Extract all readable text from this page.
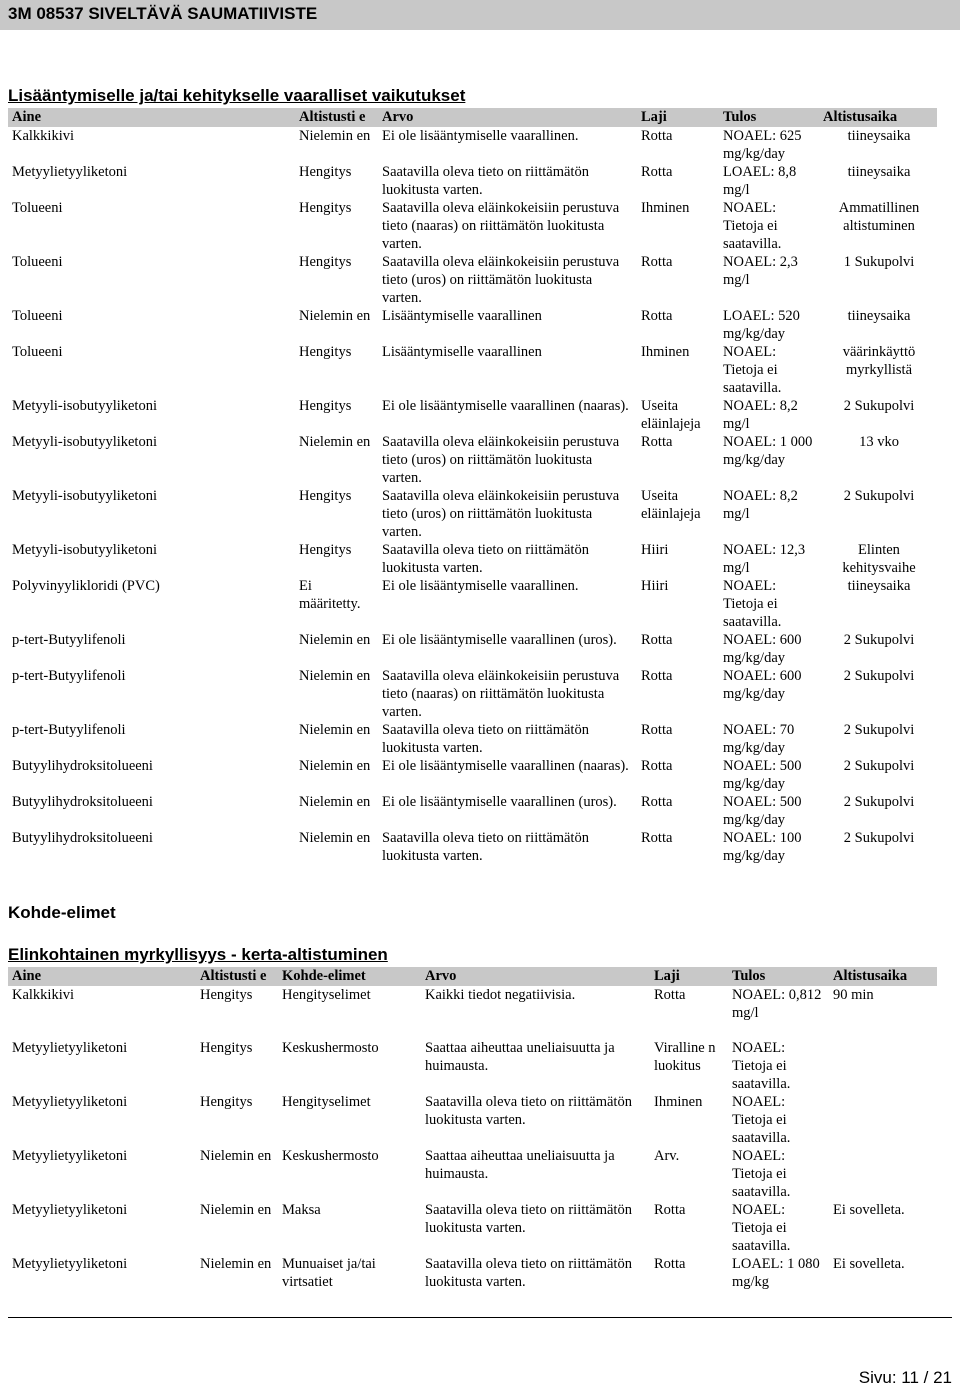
3M 08537 SIVELTÄVÄ SAUMATIIVISTE
Lisääntymiselle ja/tai kehitykselle vaaralliset vaikutukset
Aine	Altistusti e	Arvo	Laji	Tulos	Altistusaika
Kalkkikivi	Nielemin en	Ei ole lisääntymiselle vaarallinen.	Rotta	NOAEL: 625 mg/kg/day	tiineysaika
Metyylietyyliketoni	Hengitys	Saatavilla oleva tieto on riittämätön luokitusta varten.	Rotta	LOAEL: 8,8 mg/l	tiineysaika
Tolueeni	Hengitys	Saatavilla oleva eläinkokeisiin perustuva tieto (naaras) on riittämätön luokitusta varten.	Ihminen	NOAEL: Tietoja ei saatavilla.	Ammatillinen altistuminen
Tolueeni	Hengitys	Saatavilla oleva eläinkokeisiin perustuva tieto (uros) on riittämätön luokitusta varten.	Rotta	NOAEL: 2,3 mg/l	1 Sukupolvi
Tolueeni	Nielemin en	Lisääntymiselle vaarallinen	Rotta	LOAEL: 520 mg/kg/day	tiineysaika
Tolueeni	Hengitys	Lisääntymiselle vaarallinen	Ihminen	NOAEL: Tietoja ei saatavilla.	väärinkäyttö myrkyllistä
Metyyli-isobutyyliketoni	Hengitys	Ei ole lisääntymiselle vaarallinen (naaras).	Useita eläinlajeja	NOAEL: 8,2 mg/l	2 Sukupolvi
Metyyli-isobutyyliketoni	Nielemin en	Saatavilla oleva eläinkokeisiin perustuva tieto (uros) on riittämätön luokitusta varten.	Rotta	NOAEL: 1 000 mg/kg/day	13 vko
Metyyli-isobutyyliketoni	Hengitys	Saatavilla oleva eläinkokeisiin perustuva tieto (uros) on riittämätön luokitusta varten.	Useita eläinlajeja	NOAEL: 8,2 mg/l	2 Sukupolvi
Metyyli-isobutyyliketoni	Hengitys	Saatavilla oleva tieto on riittämätön luokitusta varten.	Hiiri	NOAEL: 12,3 mg/l	Elinten kehitysvaihe
Polyvinyylikloridi (PVC)	Ei määritetty.	Ei ole lisääntymiselle vaarallinen.	Hiiri	NOAEL: Tietoja ei saatavilla.	tiineysaika
p-tert-Butyylifenoli	Nielemin en	Ei ole lisääntymiselle vaarallinen (uros).	Rotta	NOAEL: 600 mg/kg/day	2 Sukupolvi
p-tert-Butyylifenoli	Nielemin en	Saatavilla oleva eläinkokeisiin perustuva tieto (naaras) on riittämätön luokitusta varten.	Rotta	NOAEL: 600 mg/kg/day	2 Sukupolvi
p-tert-Butyylifenoli	Nielemin en	Saatavilla oleva tieto on riittämätön luokitusta varten.	Rotta	NOAEL: 70 mg/kg/day	2 Sukupolvi
Butyylihydroksitolueeni	Nielemin en	Ei ole lisääntymiselle vaarallinen (naaras).	Rotta	NOAEL: 500 mg/kg/day	2 Sukupolvi
Butyylihydroksitolueeni	Nielemin en	Ei ole lisääntymiselle vaarallinen (uros).	Rotta	NOAEL: 500 mg/kg/day	2 Sukupolvi
Butyylihydroksitolueeni	Nielemin en	Saatavilla oleva tieto on riittämätön luokitusta varten.	Rotta	NOAEL: 100 mg/kg/day	2 Sukupolvi
Kohde-elimet
Elinkohtainen myrkyllisyys - kerta-altistuminen
Aine	Altistusti e	Kohde-elimet	Arvo	Laji	Tulos	Altistusaika
Kalkkikivi	Hengitys	Hengityselimet	Kaikki tiedot negatiivisia.	Rotta	NOAEL: 0,812 mg/l	90 min
Metyylietyyliketoni	Hengitys	Keskushermosto	Saattaa aiheuttaa uneliaisuutta ja huimausta.	Viralline n luokitus	NOAEL: Tietoja ei saatavilla.	
Metyylietyyliketoni	Hengitys	Hengityselimet	Saatavilla oleva tieto on riittämätön luokitusta varten.	Ihminen	NOAEL: Tietoja ei saatavilla.	
Metyylietyyliketoni	Nielemin en	Keskushermosto	Saattaa aiheuttaa uneliaisuutta ja huimausta.	Arv.	NOAEL: Tietoja ei saatavilla.	
Metyylietyyliketoni	Nielemin en	Maksa	Saatavilla oleva tieto on riittämätön luokitusta varten.	Rotta	NOAEL: Tietoja ei saatavilla.	Ei sovelleta.
Metyylietyyliketoni	Nielemin en	Munuaiset ja/tai virtsatiet	Saatavilla oleva tieto on riittämätön luokitusta varten.	Rotta	LOAEL: 1 080 mg/kg	Ei sovelleta.
Sivu: 11 / 21
